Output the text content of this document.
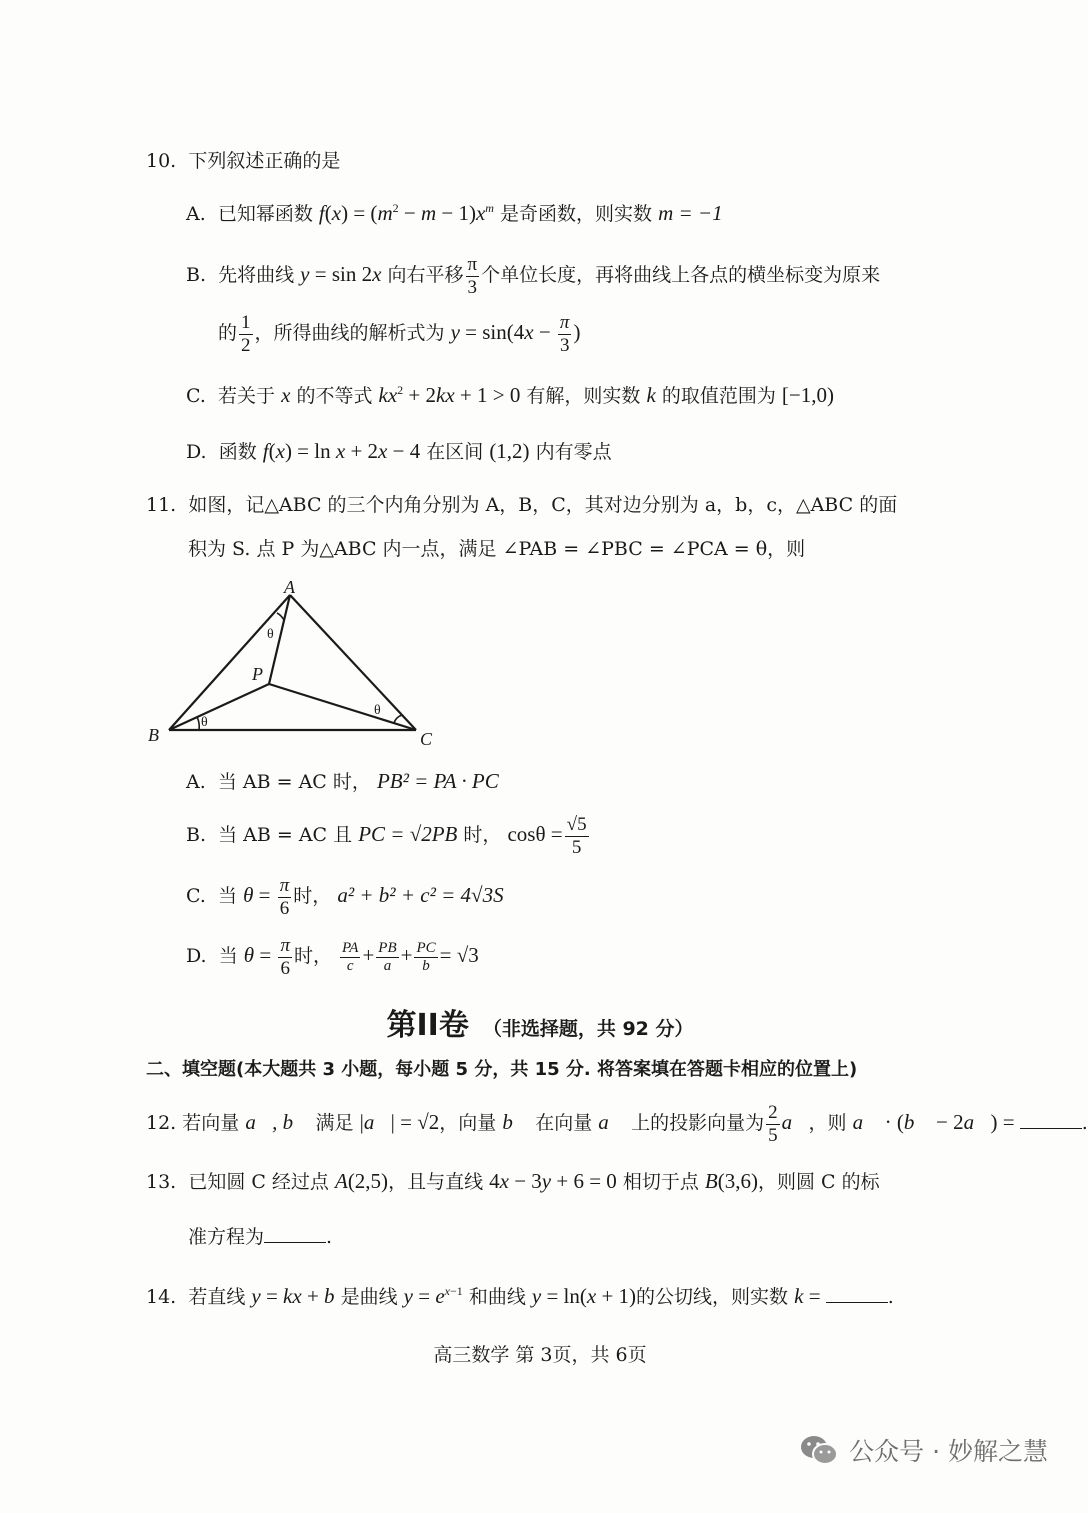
10. 下列叙述正确的是
A. 已知幂函数 $f(x) = (m^2 - m - 1)x^m$ 是奇函数，则实数 m = −1
B. 先将曲线 y = sin 2x 向右平移 $\frac{\pi}{3}$ 个单位长度，再将曲线上各点的横坐标变为原来
的 $\frac{1}{2}$ ，所得曲线的解析式为 $y = \sin(4x - \frac{\pi}{3}$ )
C. 若关于 x 的不等式 $kx^2 + 2kx + 1 > 0$ 有解，则实数 k 的取值范围为 [−1,0)
D. 函数 f(x) = ln x + 2x − 4 在区间 (1,2) 内有零点
11. 如图，记△ABC 的三个内角分别为 A，B，C，其对边分别为 a，b，c，△ABC 的面
积为 S. 点 P 为△ABC 内一点，满足 ∠PAB = ∠PBC = ∠PCA = θ，则
A
B	C
P
θ
θ
θ
A. 当 AB = AC 时， PB² = PA · PC
B. 当 AB = AC 且 PC = √2PB 时， $\cos\theta = \frac{√5}{5}$
C. 当 $\theta = \frac{\pi}{6}$ 时， a² + b² + c² = 4√3S
D. 当 $\theta = \frac{\pi}{6}$ 时， $\frac{PA}{c} + \frac{PB}{a} + \frac{PC}{b} = √3$
第II卷 （非选择题，共 92 分）
二、填空题(本大题共 3 小题，每小题 5 分，共 15 分. 将答案填在答题卡相应的位置上)
12. 若向量 a⃗, b⃗ 满足 |a⃗| = √2，向量 b⃗ 在向量 a⃗ 上的投影向量为 $\frac{2}{5}$ a⃗，则 a⃗ · (b⃗ − 2a⃗) =	.
13. 已知圆 C 经过点 A(2,5)，且与直线 4x − 3y + 6 = 0 相切于点 B(3,6)，则圆 C 的标
准方程为	.
14. 若直线 y = kx + b 是曲线 $y = e^{x-1}$ 和曲线 y = ln(x + 1)的公切线，则实数 k =	.
高三数学 第 3页，共 6页
公众号 · 妙解之慧
